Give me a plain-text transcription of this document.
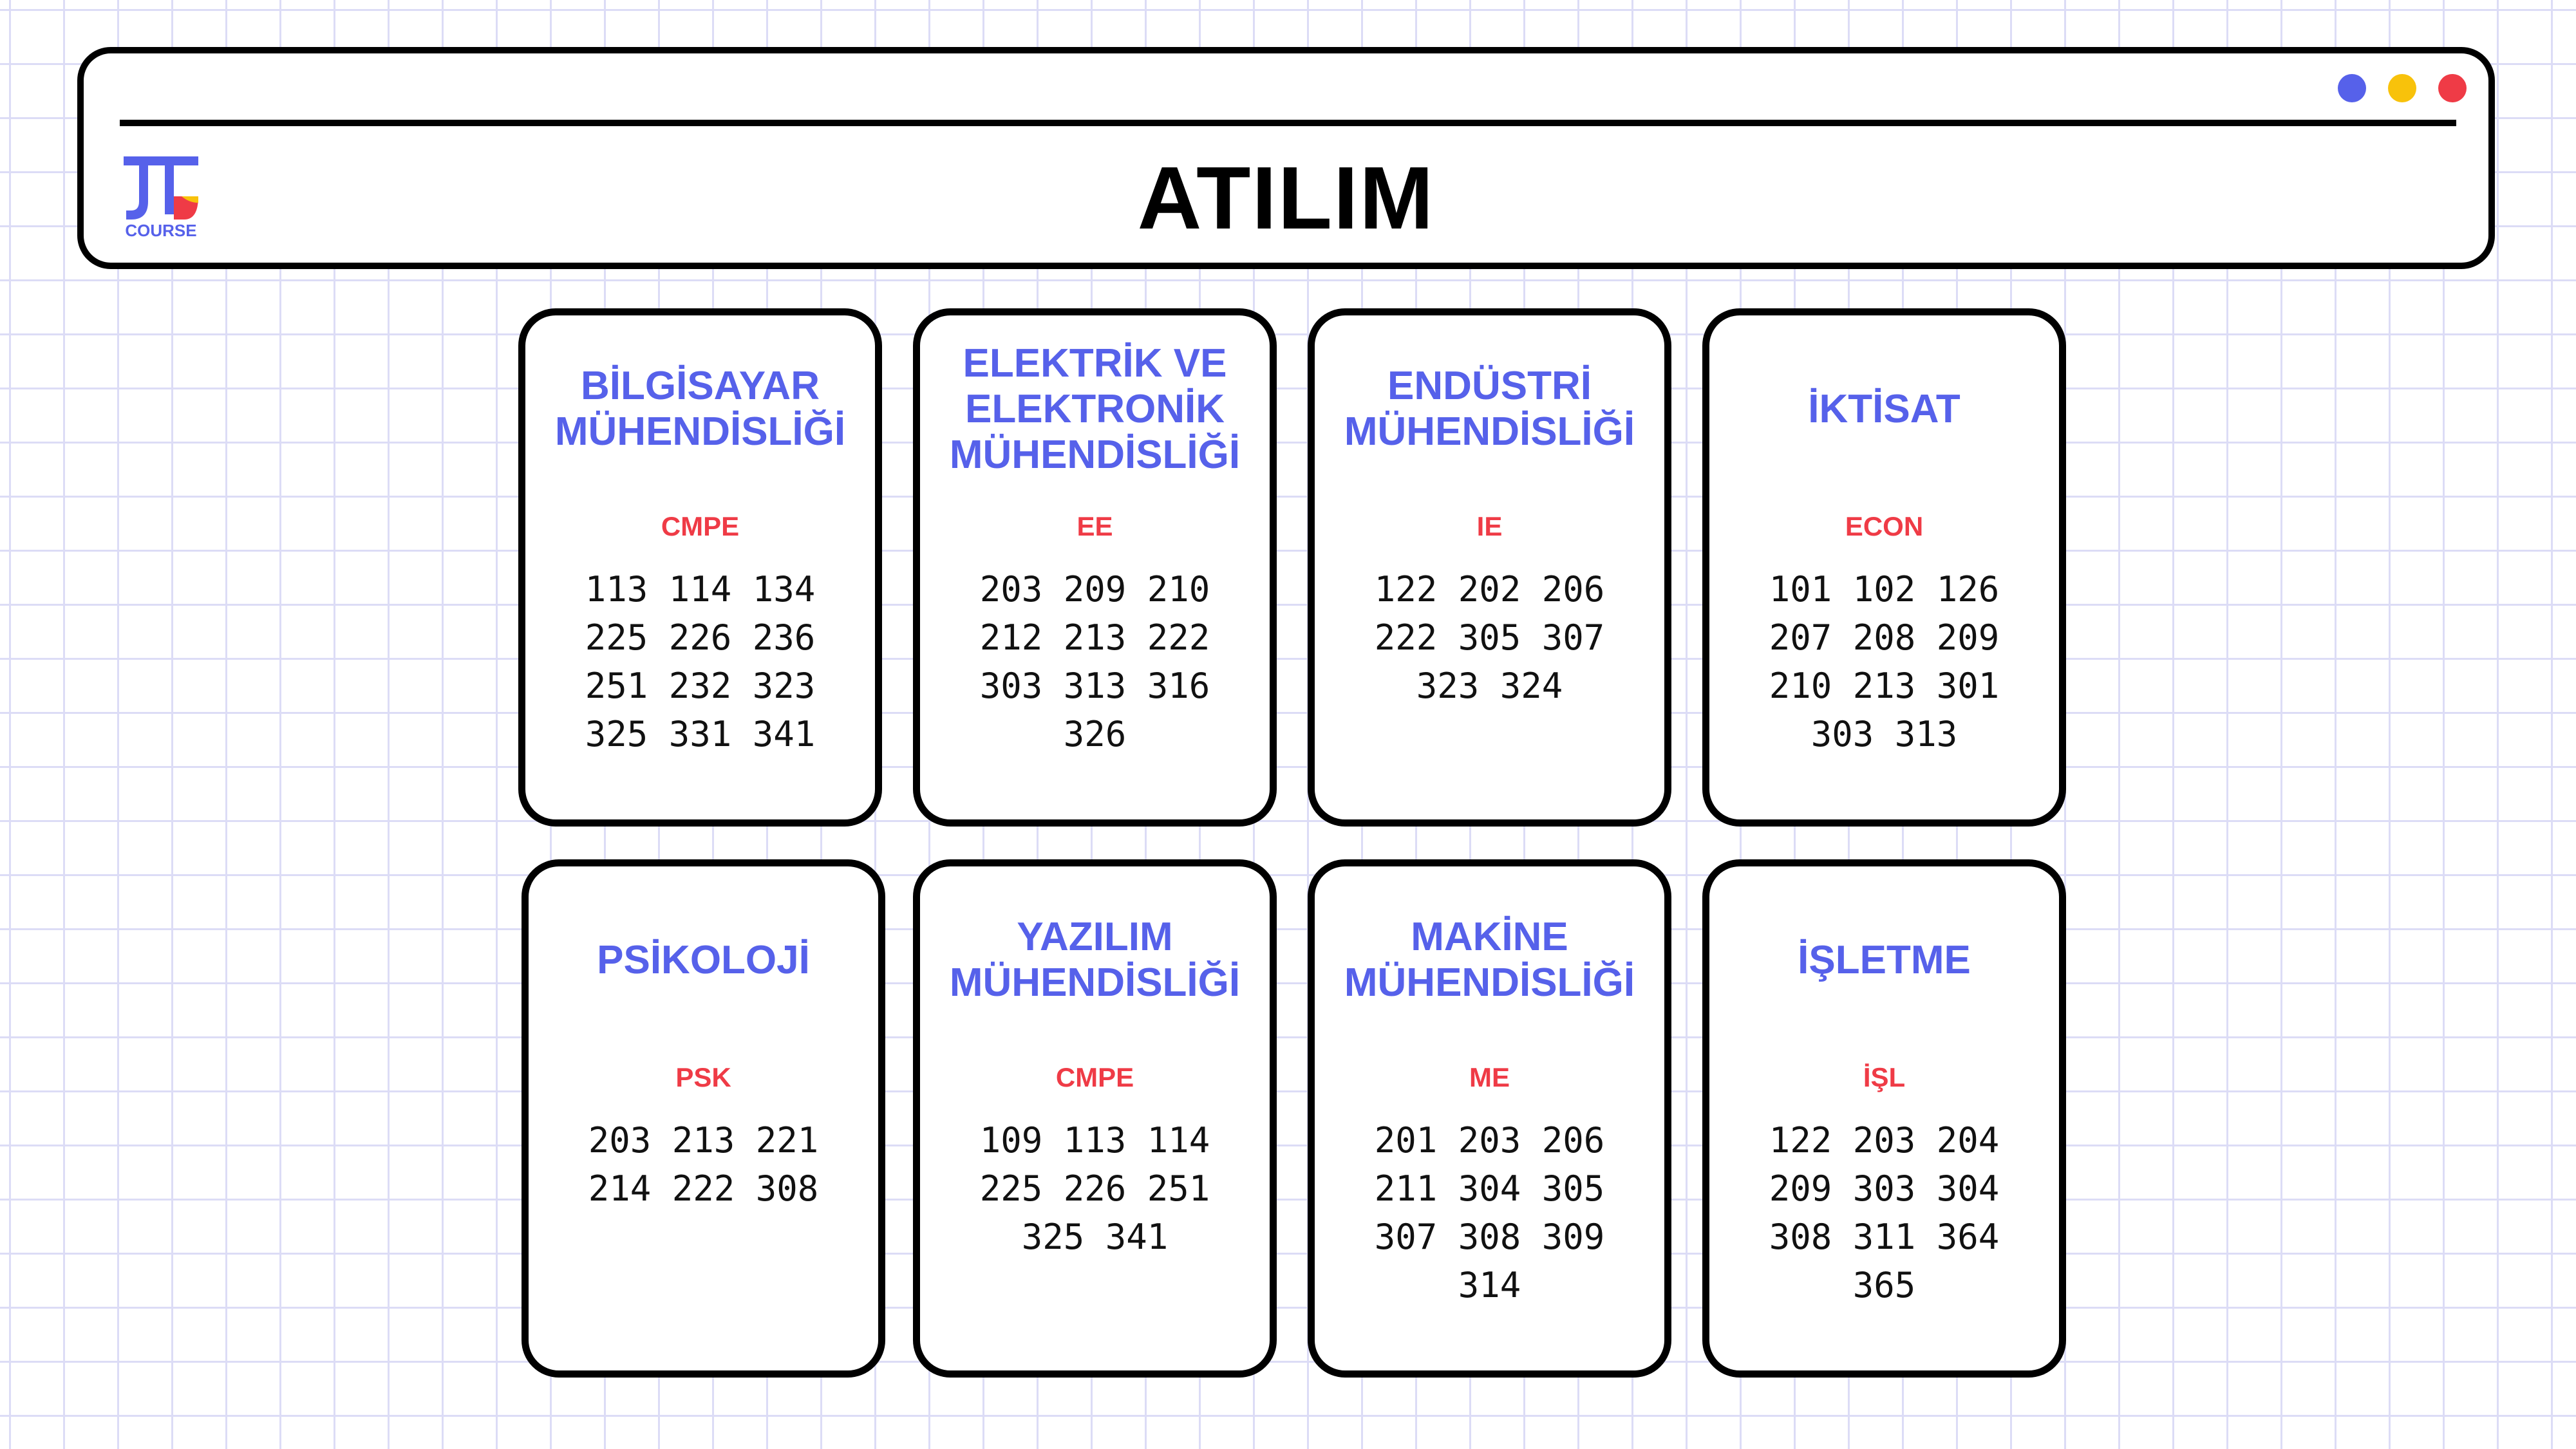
COURSE	ATILIM
BİLGİSAYAR
MÜHENDİSLİĞİ
CMPE
113 114 134
225 226 236
251 232 323
325 331 341
ELEKTRİK VE
ELEKTRONİK
MÜHENDİSLİĞİ
EE
203 209 210
212 213 222
303 313 316
326
ENDÜSTRİ
MÜHENDİSLİĞİ
IE
122 202 206
222 305 307
323 324
İKTİSAT
ECON
101 102 126
207 208 209
210 213 301
303 313
PSİKOLOJİ
PSK
203 213 221
214 222 308
YAZILIM
MÜHENDİSLİĞİ
CMPE
109 113 114
225 226 251
325 341
MAKİNE
MÜHENDİSLİĞİ
ME
201 203 206
211 304 305
307 308 309
314
İŞLETME
İŞL
122 203 204
209 303 304
308 311 364
365
